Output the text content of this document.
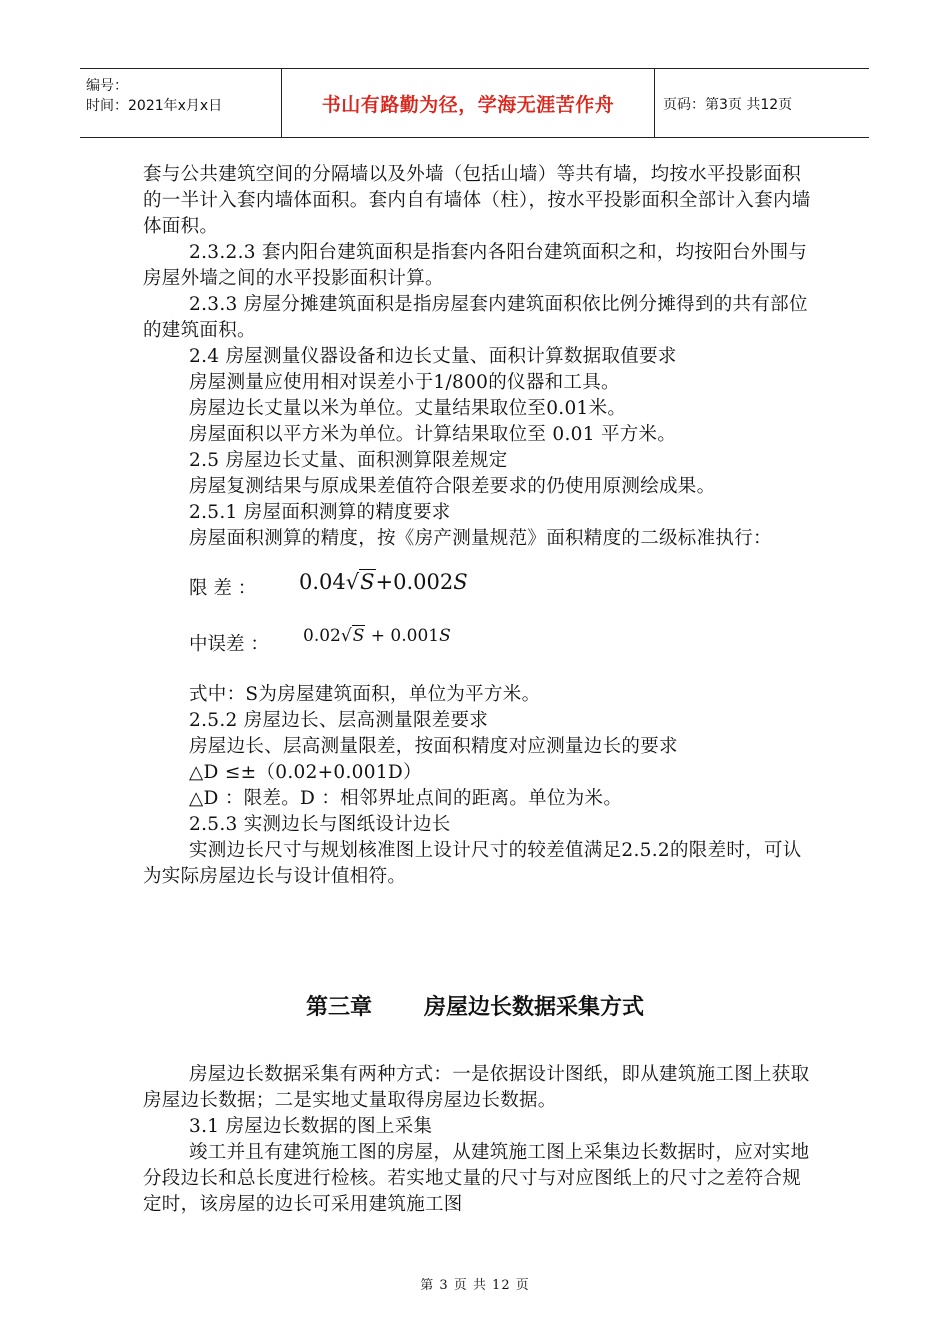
编号：
时间：2021年x月x日	书山有路勤为径，学海无涯苦作舟	页码：第3页 共12页

套与公共建筑空间的分隔墙以及外墙（包括山墙）等共有墙，均按水平投影面积的一半计入套内墙体面积。套内自有墙体（柱），按水平投影面积全部计入套内墙体面积。

2.3.2.3 套内阳台建筑面积是指套内各阳台建筑面积之和，均按阳台外围与房屋外墙之间的水平投影面积计算。

2.3.3 房屋分摊建筑面积是指房屋套内建筑面积依比例分摊得到的共有部位的建筑面积。

2.4 房屋测量仪器设备和边长丈量、面积计算数据取值要求

房屋测量应使用相对误差小于1/800的仪器和工具。

房屋边长丈量以米为单位。丈量结果取位至0.01米。

房屋面积以平方米为单位。计算结果取位至 0.01 平方米。

2.5 房屋边长丈量、面积测算限差规定

房屋复测结果与原成果差值符合限差要求的仍使用原测绘成果。

2.5.1 房屋面积测算的精度要求

房屋面积测算的精度，按《房产测量规范》面积精度的二级标准执行：

限 差 ： 0.04√S+0.002S
中误差 ： 0.02√S + 0.001S

式中：S为房屋建筑面积，单位为平方米。

2.5.2 房屋边长、层高测量限差要求

房屋边长、层高测量限差，按面积精度对应测量边长的要求

△D ≤±（0.02+0.001D）

△D ：限差。D ：相邻界址点间的距离。单位为米。

2.5.3 实测边长与图纸设计边长

实测边长尺寸与规划核准图上设计尺寸的较差值满足2.5.2的限差时，可认为实际房屋边长与设计值相符。

第三章 房屋边长数据采集方式

房屋边长数据采集有两种方式：一是依据设计图纸，即从建筑施工图上获取房屋边长数据；二是实地丈量取得房屋边长数据。

3.1 房屋边长数据的图上采集

竣工并且有建筑施工图的房屋，从建筑施工图上采集边长数据时，应对实地分段边长和总长度进行检核。若实地丈量的尺寸与对应图纸上的尺寸之差符合规定时，该房屋的边长可采用建筑施工图

第 3 页 共 12 页
